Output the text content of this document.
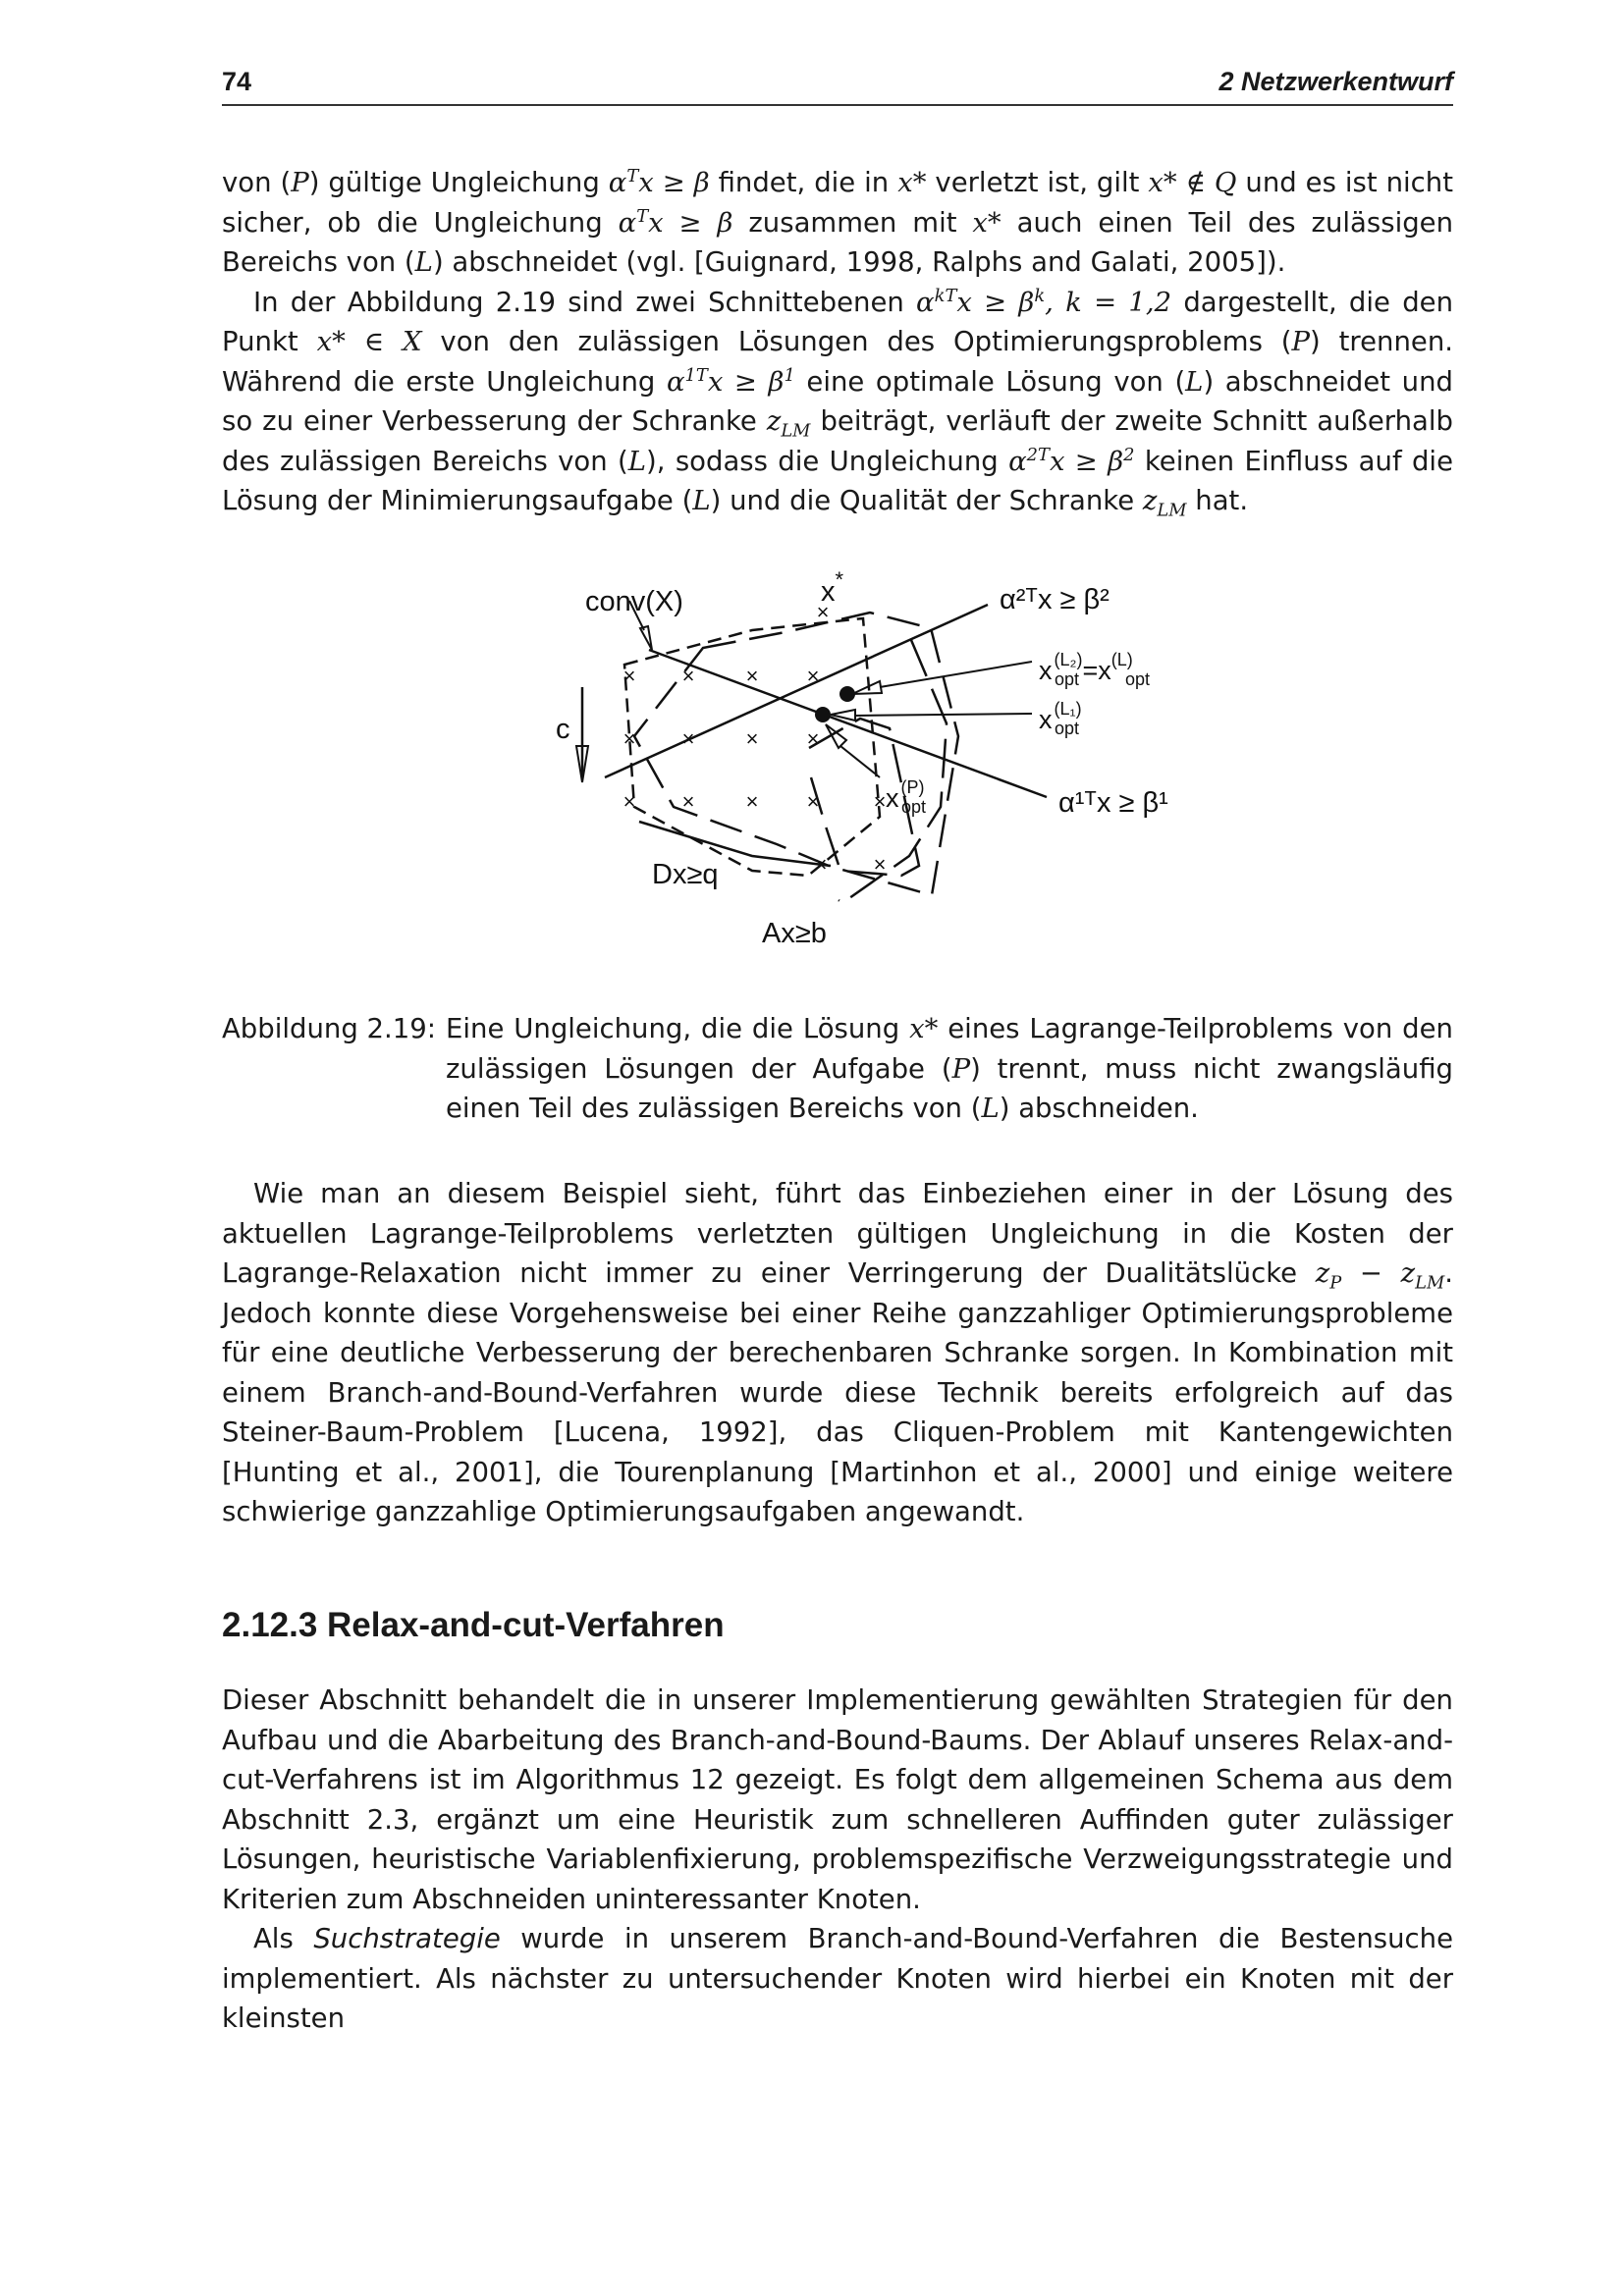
74	2 Netzwerkentwurf

von (P) gültige Ungleichung $\alpha^Tx \ge \beta$ findet, die in x* verletzt ist, gilt x* ∉ Q und es ist nicht sicher, ob die Ungleichung $\alpha^Tx \ge \beta$ zusammen mit x* auch einen Teil des zulässigen Bereichs von (L) abschneidet (vgl. [Guignard, 1998, Ralphs and Galati, 2005]).

In der Abbildung 2.19 sind zwei Schnittebenen $\alpha^{kT}x \ge \beta^k$, k = 1,2 dargestellt, die den Punkt x* ∈ X von den zulässigen Lösungen des Optimierungsproblems (P) trennen. Während die erste Ungleichung $\alpha^{1T}x \ge \beta^1$ eine optimale Lösung von (L) abschneidet und so zu einer Verbesserung der Schranke $z_{LM}$ beiträgt, verläuft der zweite Schnitt außerhalb des zulässigen Bereichs von (L), sodass die Ungleichung $\alpha^{2T}x \ge \beta^2$ keinen Einfluss auf die Lösung der Minimierungsaufgabe (L) und die Qualität der Schranke $z_{LM}$ hat.

×
× × × ×
× × × ×
× × × ×	×
× ×
conv(X)	x*
α²ᵀx ≥ β²
x $^{(L_2)}=x^{(L)}$
opt	opt
x $^{(L_1)}$
opt
x $^{(P)}$
opt	α¹ᵀx ≥ β¹
c
Dx≥q
Ax≥b
Abbildung 2.19: Eine Ungleichung, die die Lösung x* eines Lagrange-Teilproblems von den zulässigen Lösungen der Aufgabe (P) trennt, muss nicht zwangsläufig einen Teil des zulässigen Bereichs von (L) abschneiden.

Wie man an diesem Beispiel sieht, führt das Einbeziehen einer in der Lösung des aktuellen Lagrange-Teilproblems verletzten gültigen Ungleichung in die Kosten der Lagrange-Relaxation nicht immer zu einer Verringerung der Dualitätslücke $z_P - z_{LM}$. Jedoch konnte diese Vorgehensweise bei einer Reihe ganzzahliger Optimierungsprobleme für eine deutliche Verbesserung der berechenbaren Schranke sorgen. In Kombination mit einem Branch-and-Bound-Verfahren wurde diese Technik bereits erfolgreich auf das Steiner-Baum-Problem [Lucena, 1992], das Cliquen-Problem mit Kantengewichten [Hunting et al., 2001], die Tourenplanung [Martinhon et al., 2000] und einige weitere schwierige ganzzahlige Optimierungsaufgaben angewandt.

2.12.3 Relax-and-cut-Verfahren

Dieser Abschnitt behandelt die in unserer Implementierung gewählten Strategien für den Aufbau und die Abarbeitung des Branch-and-Bound-Baums. Der Ablauf unseres Relax-and-cut-Verfahrens ist im Algorithmus 12 gezeigt. Es folgt dem allgemeinen Schema aus dem Abschnitt 2.3, ergänzt um eine Heuristik zum schnelleren Auffinden guter zulässiger Lösungen, heuristische Variablenfixierung, problemspezifische Verzweigungsstrategie und Kriterien zum Abschneiden uninteressanter Knoten.

Als Suchstrategie wurde in unserem Branch-and-Bound-Verfahren die Bestensuche implementiert. Als nächster zu untersuchender Knoten wird hierbei ein Knoten mit der kleinsten
